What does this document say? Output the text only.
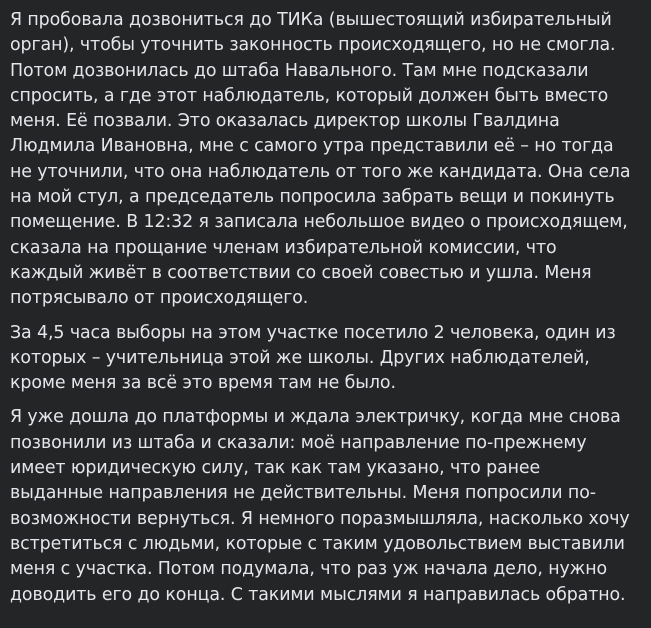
Я пробовала дозвониться до ТИКа (вышестоящий избирательный
орган), чтобы уточнить законность происходящего, но не смогла.
Потом дозвонилась до штаба Навального. Там мне подсказали
спросить, а где этот наблюдатель, который должен быть вместо
меня. Её позвали. Это оказалась директор школы Гвалдина
Людмила Ивановна, мне с самого утра представили её – но тогда
не уточнили, что она наблюдатель от того же кандидата. Она села
на мой стул, а председатель попросила забрать вещи и покинуть
помещение. В 12:32 я записала небольшое видео о происходящем,
сказала на прощание членам избирательной комиссии, что
каждый живёт в соответствии со своей совестью и ушла. Меня
потрясывало от происходящего.

За 4,5 часа выборы на этом участке посетило 2 человека, один из
которых – учительница этой же школы. Других наблюдателей,
кроме меня за всё это время там не было.

Я уже дошла до платформы и ждала электричку, когда мне снова
позвонили из штаба и сказали: моё направление по-прежнему
имеет юридическую силу, так как там указано, что ранее
выданные направления не действительны. Меня попросили по-
возможности вернуться. Я немного поразмышляла, насколько хочу
встретиться с людьми, которые с таким удовольствием выставили
меня с участка. Потом подумала, что раз уж начала дело, нужно
доводить его до конца. С такими мыслями я направилась обратно.
